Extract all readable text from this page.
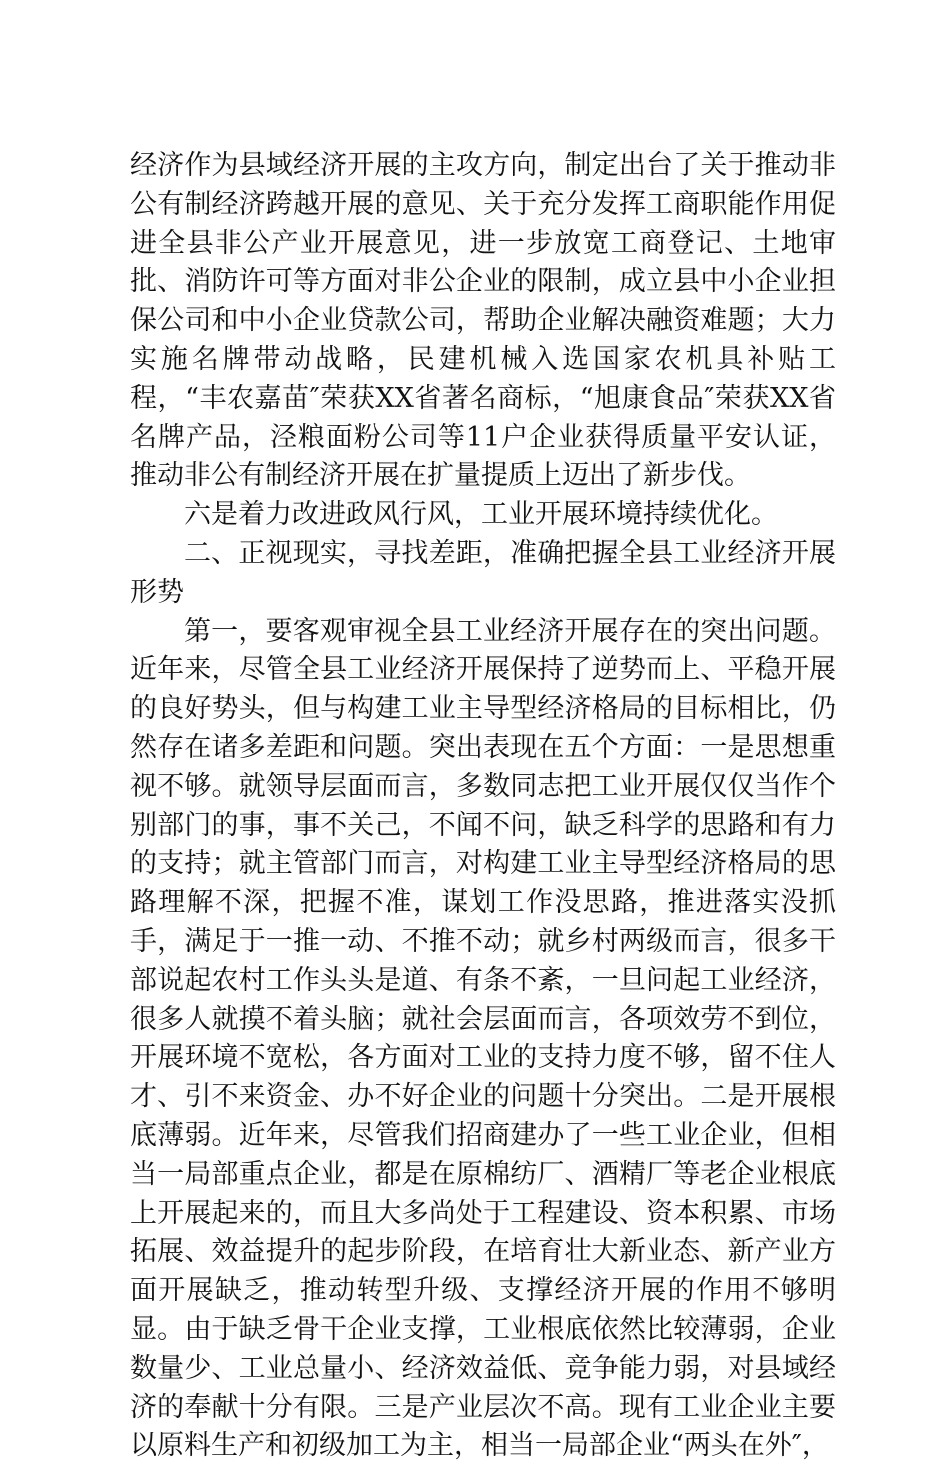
经济作为县域经济开展的主攻方向，制定出台了关于推动非公有制经济跨越开展的意见、关于充分发挥工商职能作用促进全县非公产业开展意见，进一步放宽工商登记、土地审批、消防许可等方面对非公企业的限制，成立县中小企业担保公司和中小企业贷款公司，帮助企业解决融资难题；大力实施名牌带动战略，民建机械入选国家农机具补贴工程，“丰农嘉苗″荣获XX省著名商标，“旭康食品″荣获XX省名牌产品，泾粮面粉公司等11户企业获得质量平安认证，推动非公有制经济开展在扩量提质上迈出了新步伐。

六是着力改进政风行风，工业开展环境持续优化。

二、正视现实，寻找差距，准确把握全县工业经济开展形势

第一，要客观审视全县工业经济开展存在的突出问题。近年来，尽管全县工业经济开展保持了逆势而上、平稳开展的良好势头，但与构建工业主导型经济格局的目标相比，仍然存在诸多差距和问题。突出表现在五个方面：一是思想重视不够。就领导层面而言，多数同志把工业开展仅仅当作个别部门的事，事不关己，不闻不问，缺乏科学的思路和有力的支持；就主管部门而言，对构建工业主导型经济格局的思路理解不深，把握不准，谋划工作没思路，推进落实没抓手，满足于一推一动、不推不动；就乡村两级而言，很多干部说起农村工作头头是道、有条不紊，一旦问起工业经济，很多人就摸不着头脑；就社会层面而言，各项效劳不到位，开展环境不宽松，各方面对工业的支持力度不够，留不住人才、引不来资金、办不好企业的问题十分突出。二是开展根底薄弱。近年来，尽管我们招商建办了一些工业企业，但相当一局部重点企业，都是在原棉纺厂、酒精厂等老企业根底上开展起来的，而且大多尚处于工程建设、资本积累、市场拓展、效益提升的起步阶段，在培育壮大新业态、新产业方面开展缺乏，推动转型升级、支撑经济开展的作用不够明显。由于缺乏骨干企业支撑，工业根底依然比较薄弱，企业数量少、工业总量小、经济效益低、竞争能力弱，对县域经济的奉献十分有限。三是产业层次不高。现有工业企业主要以原料生产和初级加工为主，相当一局部企业“两头在外″，
